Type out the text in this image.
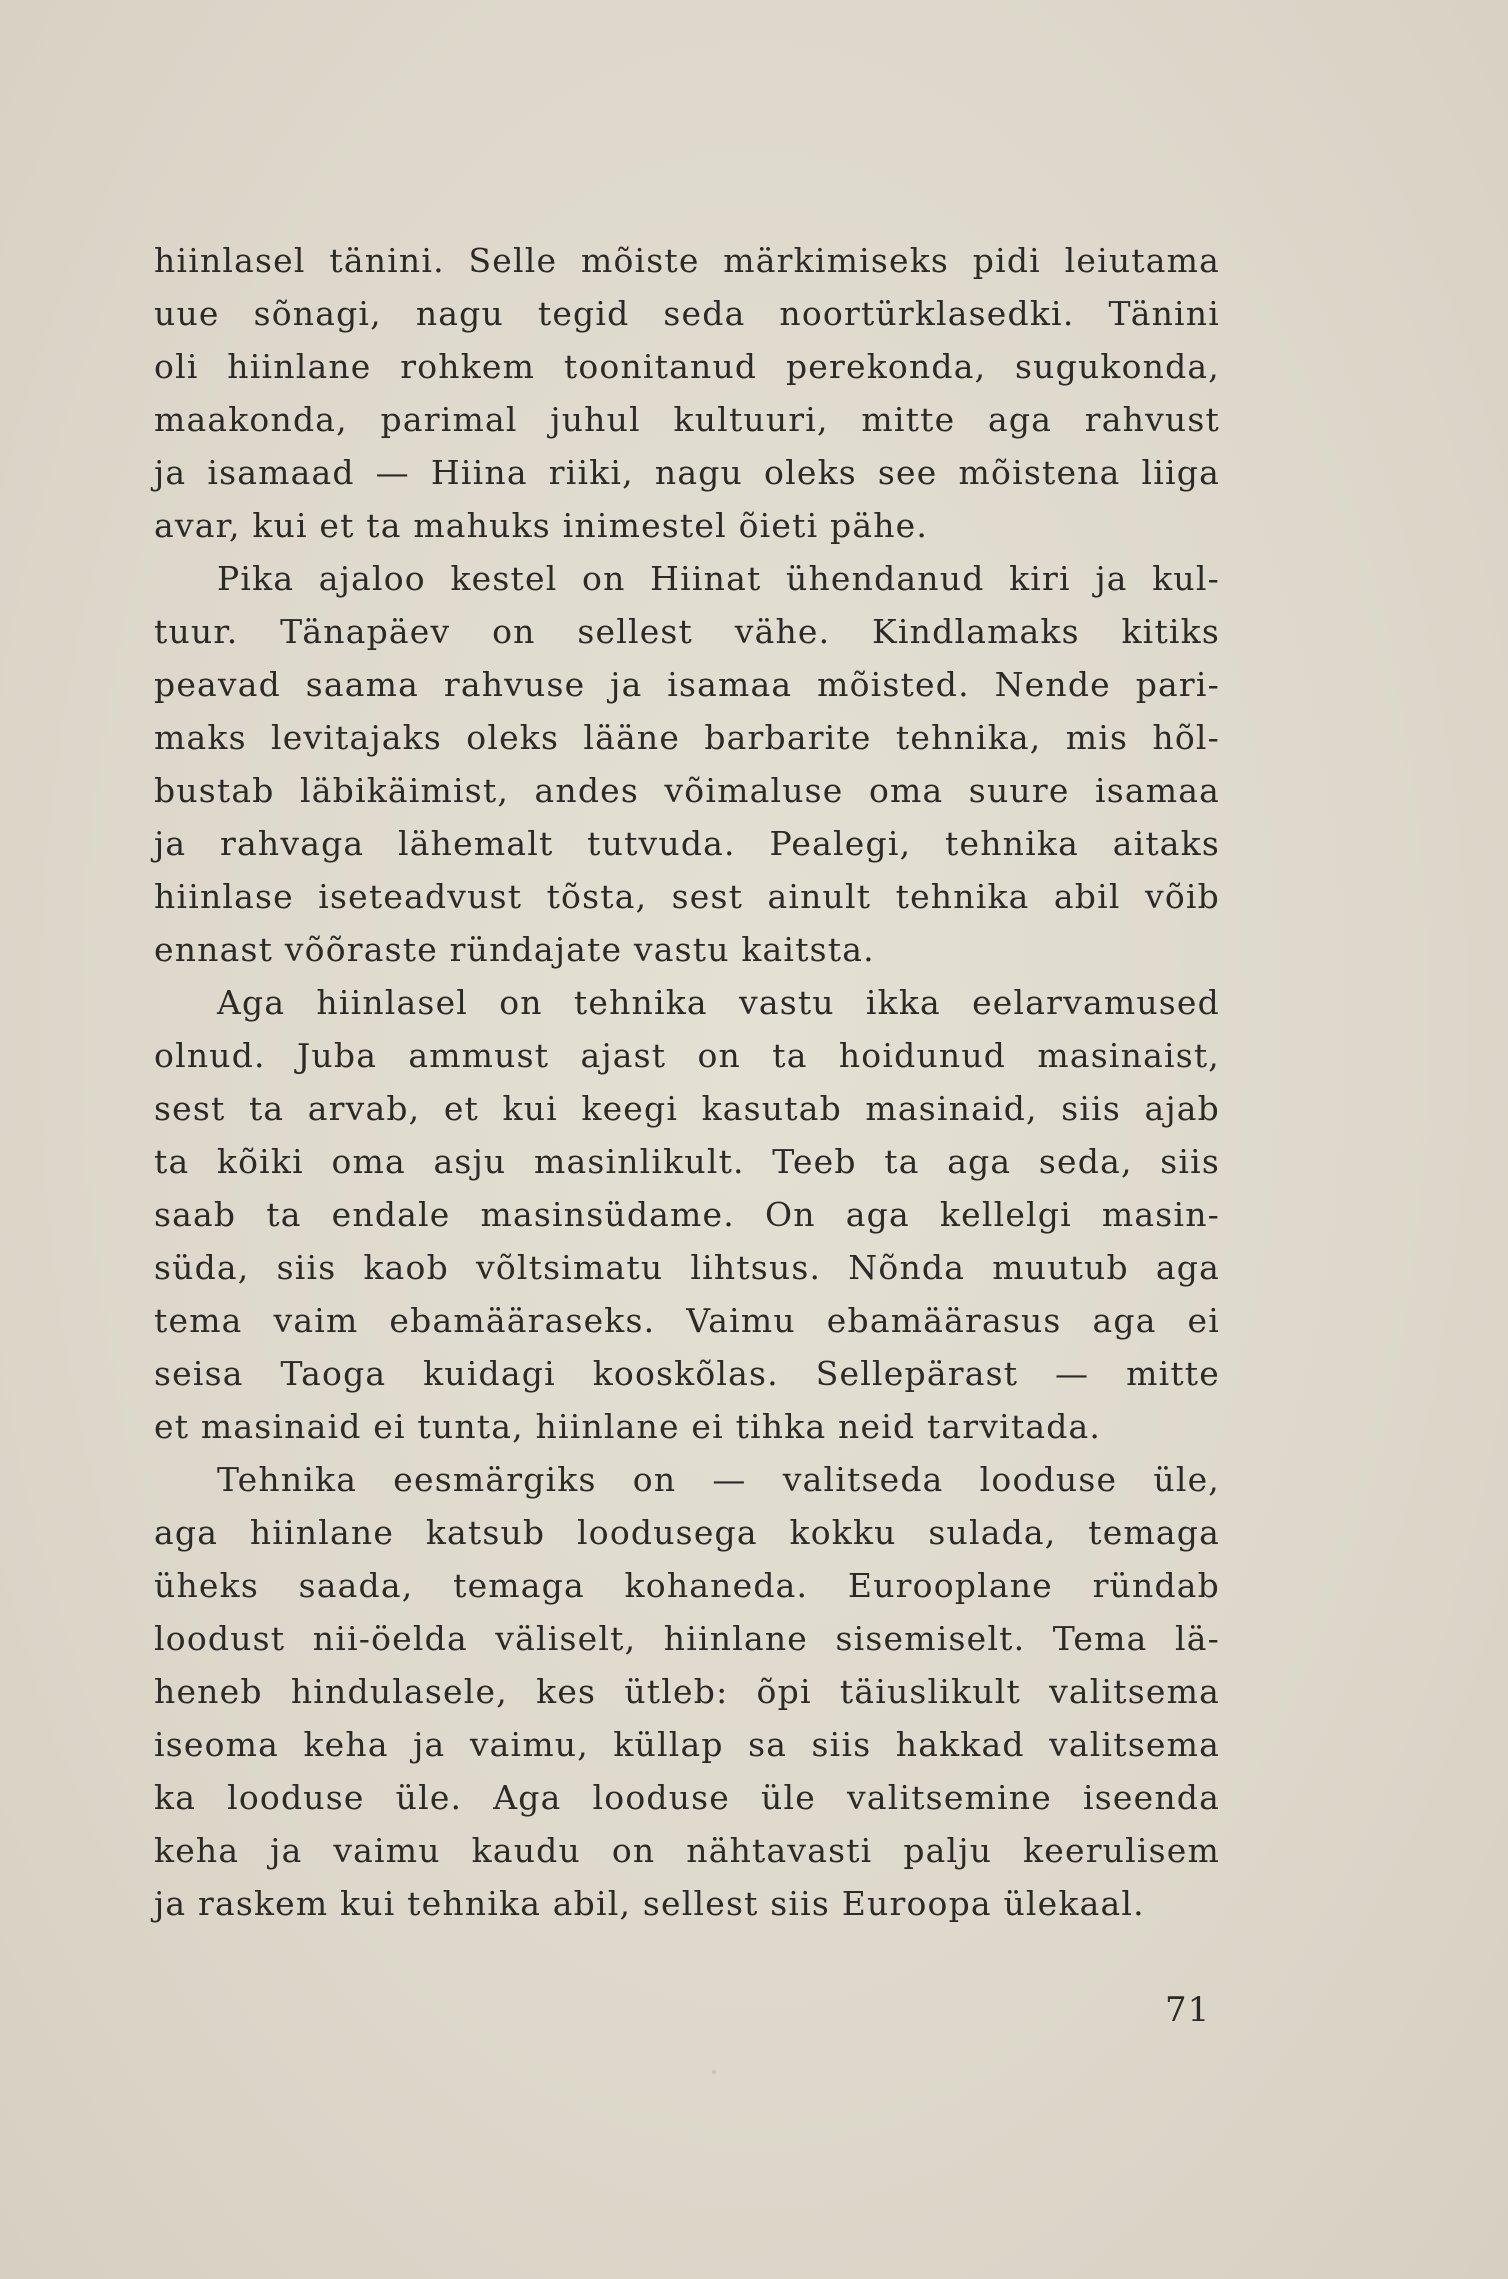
hiinlasel tänini. Selle mõiste märkimiseks pidi leiutama
uue sõnagi, nagu tegid seda noortürklasedki. Tänini
oli hiinlane rohkem toonitanud perekonda, sugukonda,
maakonda, parimal juhul kultuuri, mitte aga rahvust
ja isamaad — Hiina riiki, nagu oleks see mõistena liiga
avar, kui et ta mahuks inimestel õieti pähe.
Pika ajaloo kestel on Hiinat ühendanud kiri ja kul-
tuur. Tänapäev on sellest vähe. Kindlamaks kitiks
peavad saama rahvuse ja isamaa mõisted. Nende pari-
maks levitajaks oleks lääne barbarite tehnika, mis hõl-
bustab läbikäimist, andes võimaluse oma suure isamaa
ja rahvaga lähemalt tutvuda. Pealegi, tehnika aitaks
hiinlase iseteadvust tõsta, sest ainult tehnika abil võib
ennast võõraste ründajate vastu kaitsta.
Aga hiinlasel on tehnika vastu ikka eelarvamused
olnud. Juba ammust ajast on ta hoidunud masinaist,
sest ta arvab, et kui keegi kasutab masinaid, siis ajab
ta kõiki oma asju masinlikult. Teeb ta aga seda, siis
saab ta endale masinsüdame. On aga kellelgi masin-
süda, siis kaob võltsimatu lihtsus. Nõnda muutub aga
tema vaim ebamääraseks. Vaimu ebamäärasus aga ei
seisa Taoga kuidagi kooskõlas. Sellepärast — mitte
et masinaid ei tunta, hiinlane ei tihka neid tarvitada.
Tehnika eesmärgiks on — valitseda looduse üle,
aga hiinlane katsub loodusega kokku sulada, temaga
üheks saada, temaga kohaneda. Eurooplane ründab
loodust nii-öelda väliselt, hiinlane sisemiselt. Tema lä-
heneb hindulasele, kes ütleb: õpi täiuslikult valitsema
iseoma keha ja vaimu, küllap sa siis hakkad valitsema
ka looduse üle. Aga looduse üle valitsemine iseenda
keha ja vaimu kaudu on nähtavasti palju keerulisem
ja raskem kui tehnika abil, sellest siis Euroopa ülekaal.
71
